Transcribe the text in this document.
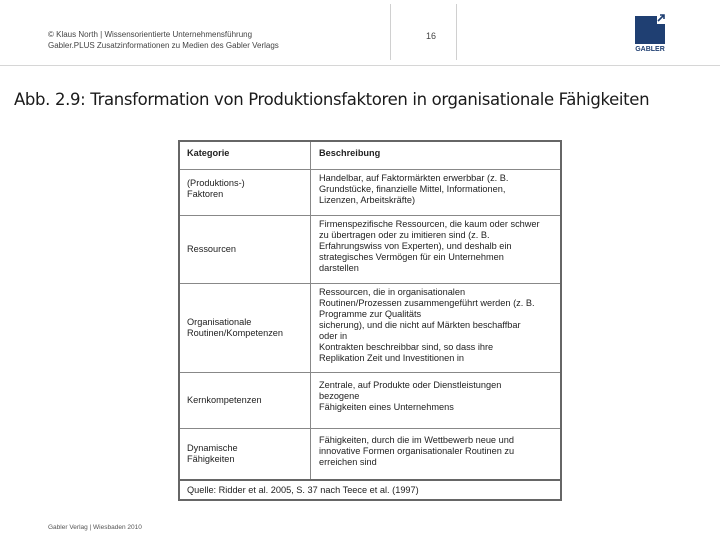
© Klaus North | Wissensorientierte Unternehmensführung
Gabler.PLUS Zusatzinformationen zu Medien des Gabler Verlags
16
GABLER
Abb. 2.9: Transformation von Produktionsfaktoren in organisationale Fähigkeiten
Kategorie	Beschreibung
(Produktions-)
Faktoren
Handelbar, auf Faktormärkten erwerbbar (z. B.
Grundstücke, finanzielle Mittel, Informationen,
Lizenzen, Arbeitskräfte)
Ressourcen
Firmenspezifische Ressourcen, die kaum oder schwer
zu übertragen oder zu imitieren sind (z. B.
Erfahrungswiss von Experten), und deshalb ein
strategisches Vermögen für ein Unternehmen
darstellen
Organisationale
Routinen/Kompetenzen
Ressourcen, die in organisationalen
Routinen/Prozessen zusammengeführt werden (z. B.
Programme zur Qualitäts
sicherung), und die nicht auf Märkten beschaffbar
oder in
Kontrakten beschreibbar sind, so dass ihre
Replikation Zeit und Investitionen in
Kernkompetenzen
Zentrale, auf Produkte oder Dienstleistungen
bezogene
Fähigkeiten eines Unternehmens
Dynamische
Fähigkeiten
Fähigkeiten, durch die im Wettbewerb neue und
innovative Formen organisationaler Routinen zu
erreichen sind
Quelle: Ridder et al. 2005, S. 37 nach Teece et al. (1997)
Gabler Verlag | Wiesbaden 2010
